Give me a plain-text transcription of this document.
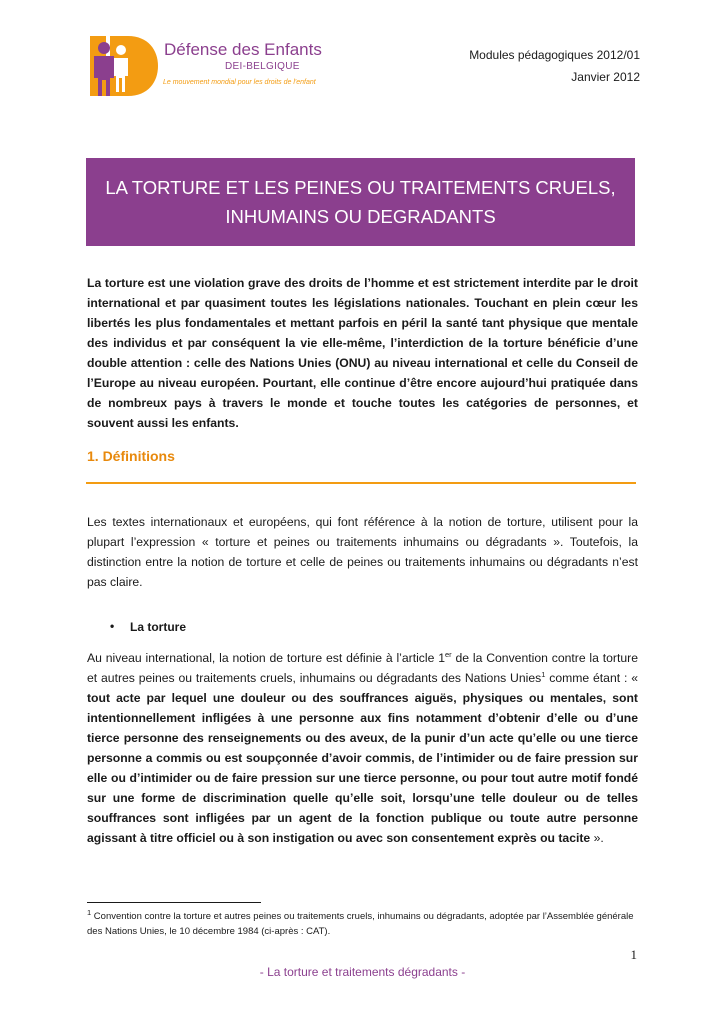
Défense des Enfants
DEI-BELGIQUE
Le mouvement mondial pour les droits de l'enfant
Modules pédagogiques 2012/01
Janvier 2012
LA TORTURE ET LES PEINES OU TRAITEMENTS CRUELS,
INHUMAINS OU DEGRADANTS
La torture est une violation grave des droits de l’homme et est strictement interdite par le droit international et par quasiment toutes les législations nationales. Touchant en plein cœur les libertés les plus fondamentales et mettant parfois en péril la santé tant physique que mentale des individus et par conséquent la vie elle-même, l’interdiction de la torture bénéficie d’une double attention : celle des Nations Unies (ONU) au niveau international et celle du Conseil de l’Europe au niveau européen. Pourtant, elle continue d’être encore aujourd’hui pratiquée dans de nombreux pays à travers le monde et touche toutes les catégories de personnes, et souvent aussi les enfants.
1. Définitions
Les textes internationaux et européens, qui font référence à la notion de torture, utilisent pour la plupart l’expression « torture et peines ou traitements inhumains ou dégradants ». Toutefois, la distinction entre la notion de torture et celle de peines ou traitements inhumains ou dégradants n’est pas claire.
• La torture
Au niveau international, la notion de torture est définie à l’article 1er de la Convention contre la torture et autres peines ou traitements cruels, inhumains ou dégradants des Nations Unies$^1$ comme étant : « tout acte par lequel une douleur ou des souffrances aiguës, physiques ou mentales, sont intentionnellement infligées à une personne aux fins notamment d’obtenir d’elle ou d’une tierce personne des renseignements ou des aveux, de la punir d’un acte qu’elle ou une tierce personne a commis ou est soupçonnée d’avoir commis, de l’intimider ou de faire pression sur elle ou d’intimider ou de faire pression sur une tierce personne, ou pour tout autre motif fondé sur une forme de discrimination quelle qu’elle soit, lorsqu’une telle douleur ou de telles souffrances sont infligées par un agent de la fonction publique ou toute autre personne agissant à titre officiel ou à son instigation ou avec son consentement exprès ou tacite ».
$^1$ Convention contre la torture et autres peines ou traitements cruels, inhumains ou dégradants, adoptée par l’Assemblée générale des Nations Unies, le 10 décembre 1984 (ci-après : CAT).
1
- La torture et traitements dégradants -
